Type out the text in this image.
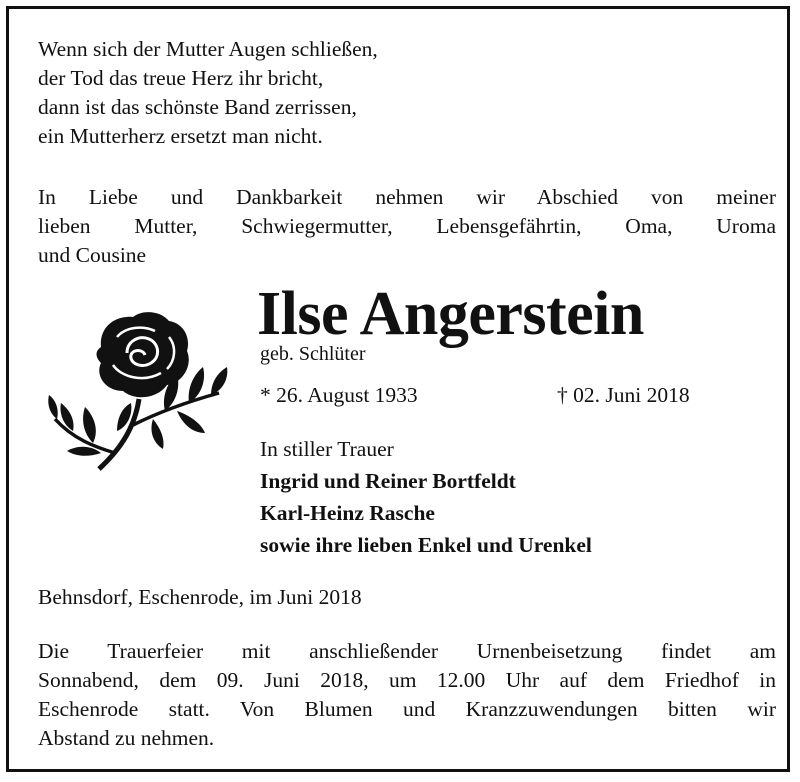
Wenn sich der Mutter Augen schließen,
der Tod das treue Herz ihr bricht,
dann ist das schönste Band zerrissen,
ein Mutterherz ersetzt man nicht.
In Liebe und Dankbarkeit nehmen wir Abschied von meiner
lieben Mutter, Schwiegermutter, Lebensgefährtin, Oma, Uroma
und Cousine
Ilse Angerstein
geb. Schlüter
* 26. August 1933	† 02. Juni 2018
In stiller Trauer
Ingrid und Reiner Bortfeldt
Karl-Heinz Rasche
sowie ihre lieben Enkel und Urenkel
Behnsdorf, Eschenrode, im Juni 2018
Die Trauerfeier mit anschließender Urnenbeisetzung findet am
Sonnabend, dem 09. Juni 2018, um 12.00 Uhr auf dem Friedhof in
Eschenrode statt. Von Blumen und Kranzzuwendungen bitten wir
Abstand zu nehmen.
